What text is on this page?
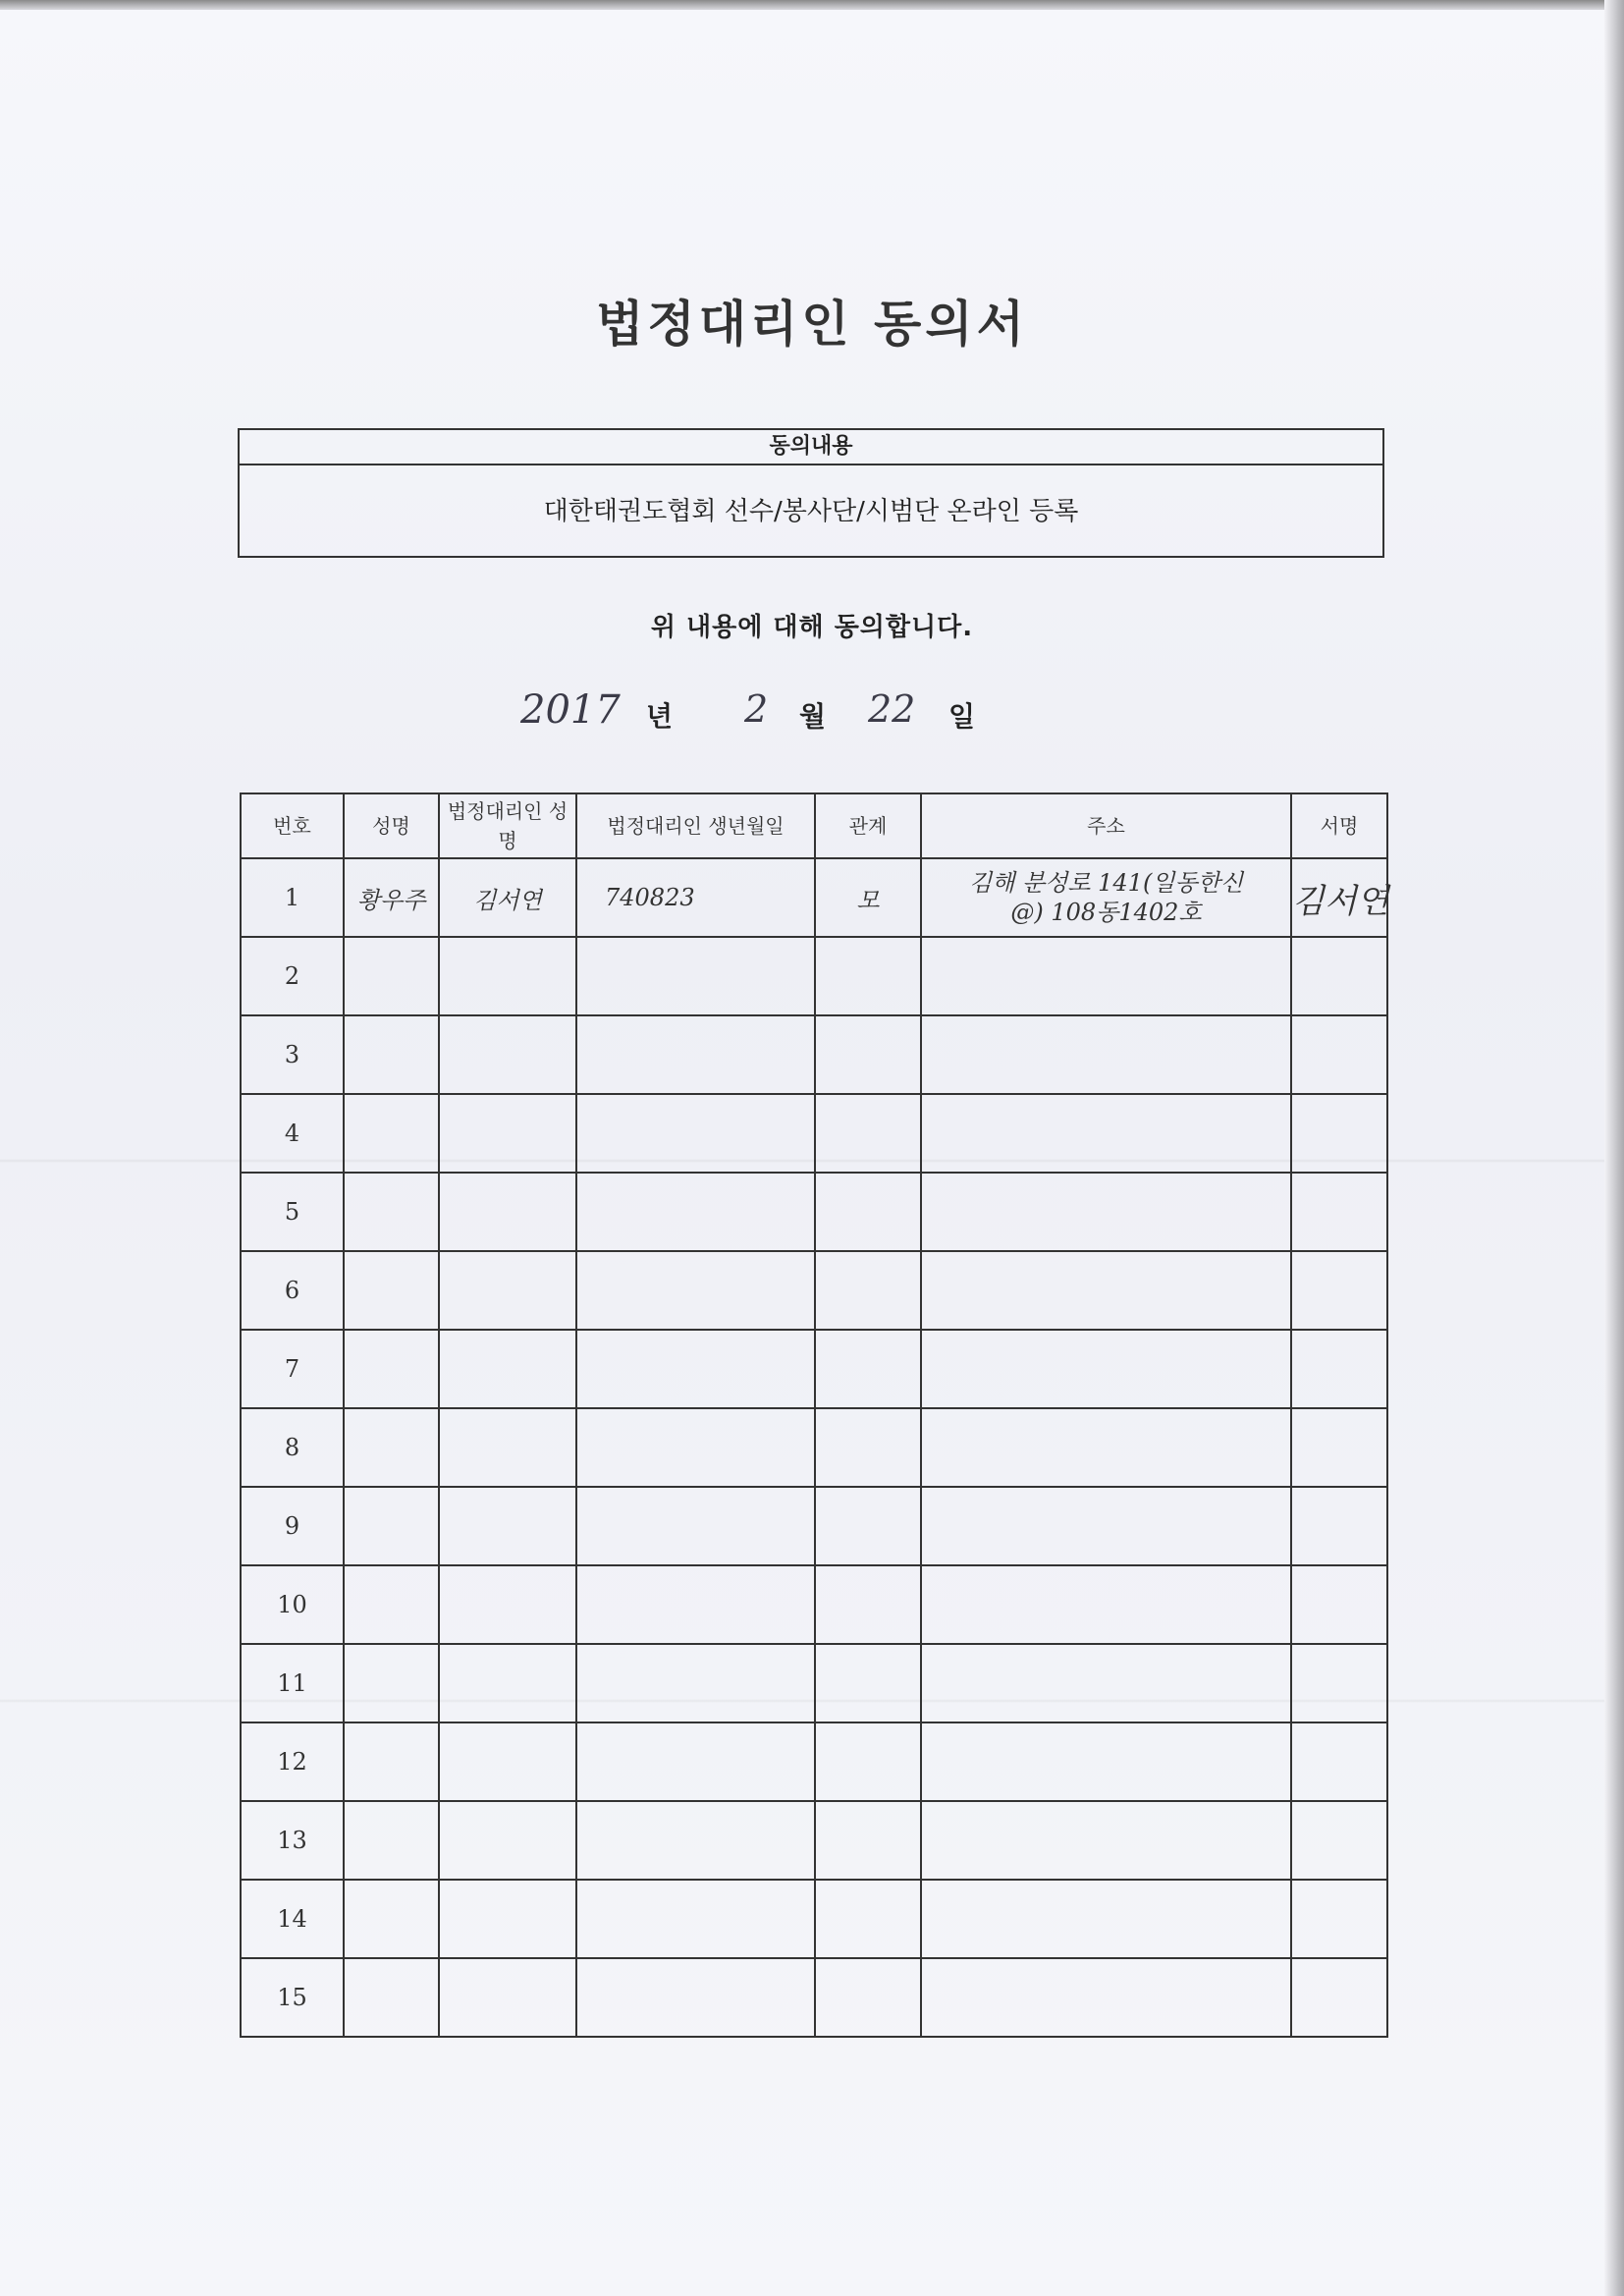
법정대리인 동의서
동의내용
대한태권도협회 선수/봉사단/시범단 온라인 등록
위 내용에 대해 동의합니다.
2017 년 2 월 22 일
번호	성명	법정대리인 성명	법정대리인 생년월일	관계	주소	서명
1	황우주	김서연	740823	모	김해 분성로 141(일동한신
@) 108동1402호	김서연

2					

3					

4					

5					

6					

7					

8					

9					

10					

11					

12					

13					

14					

15					
